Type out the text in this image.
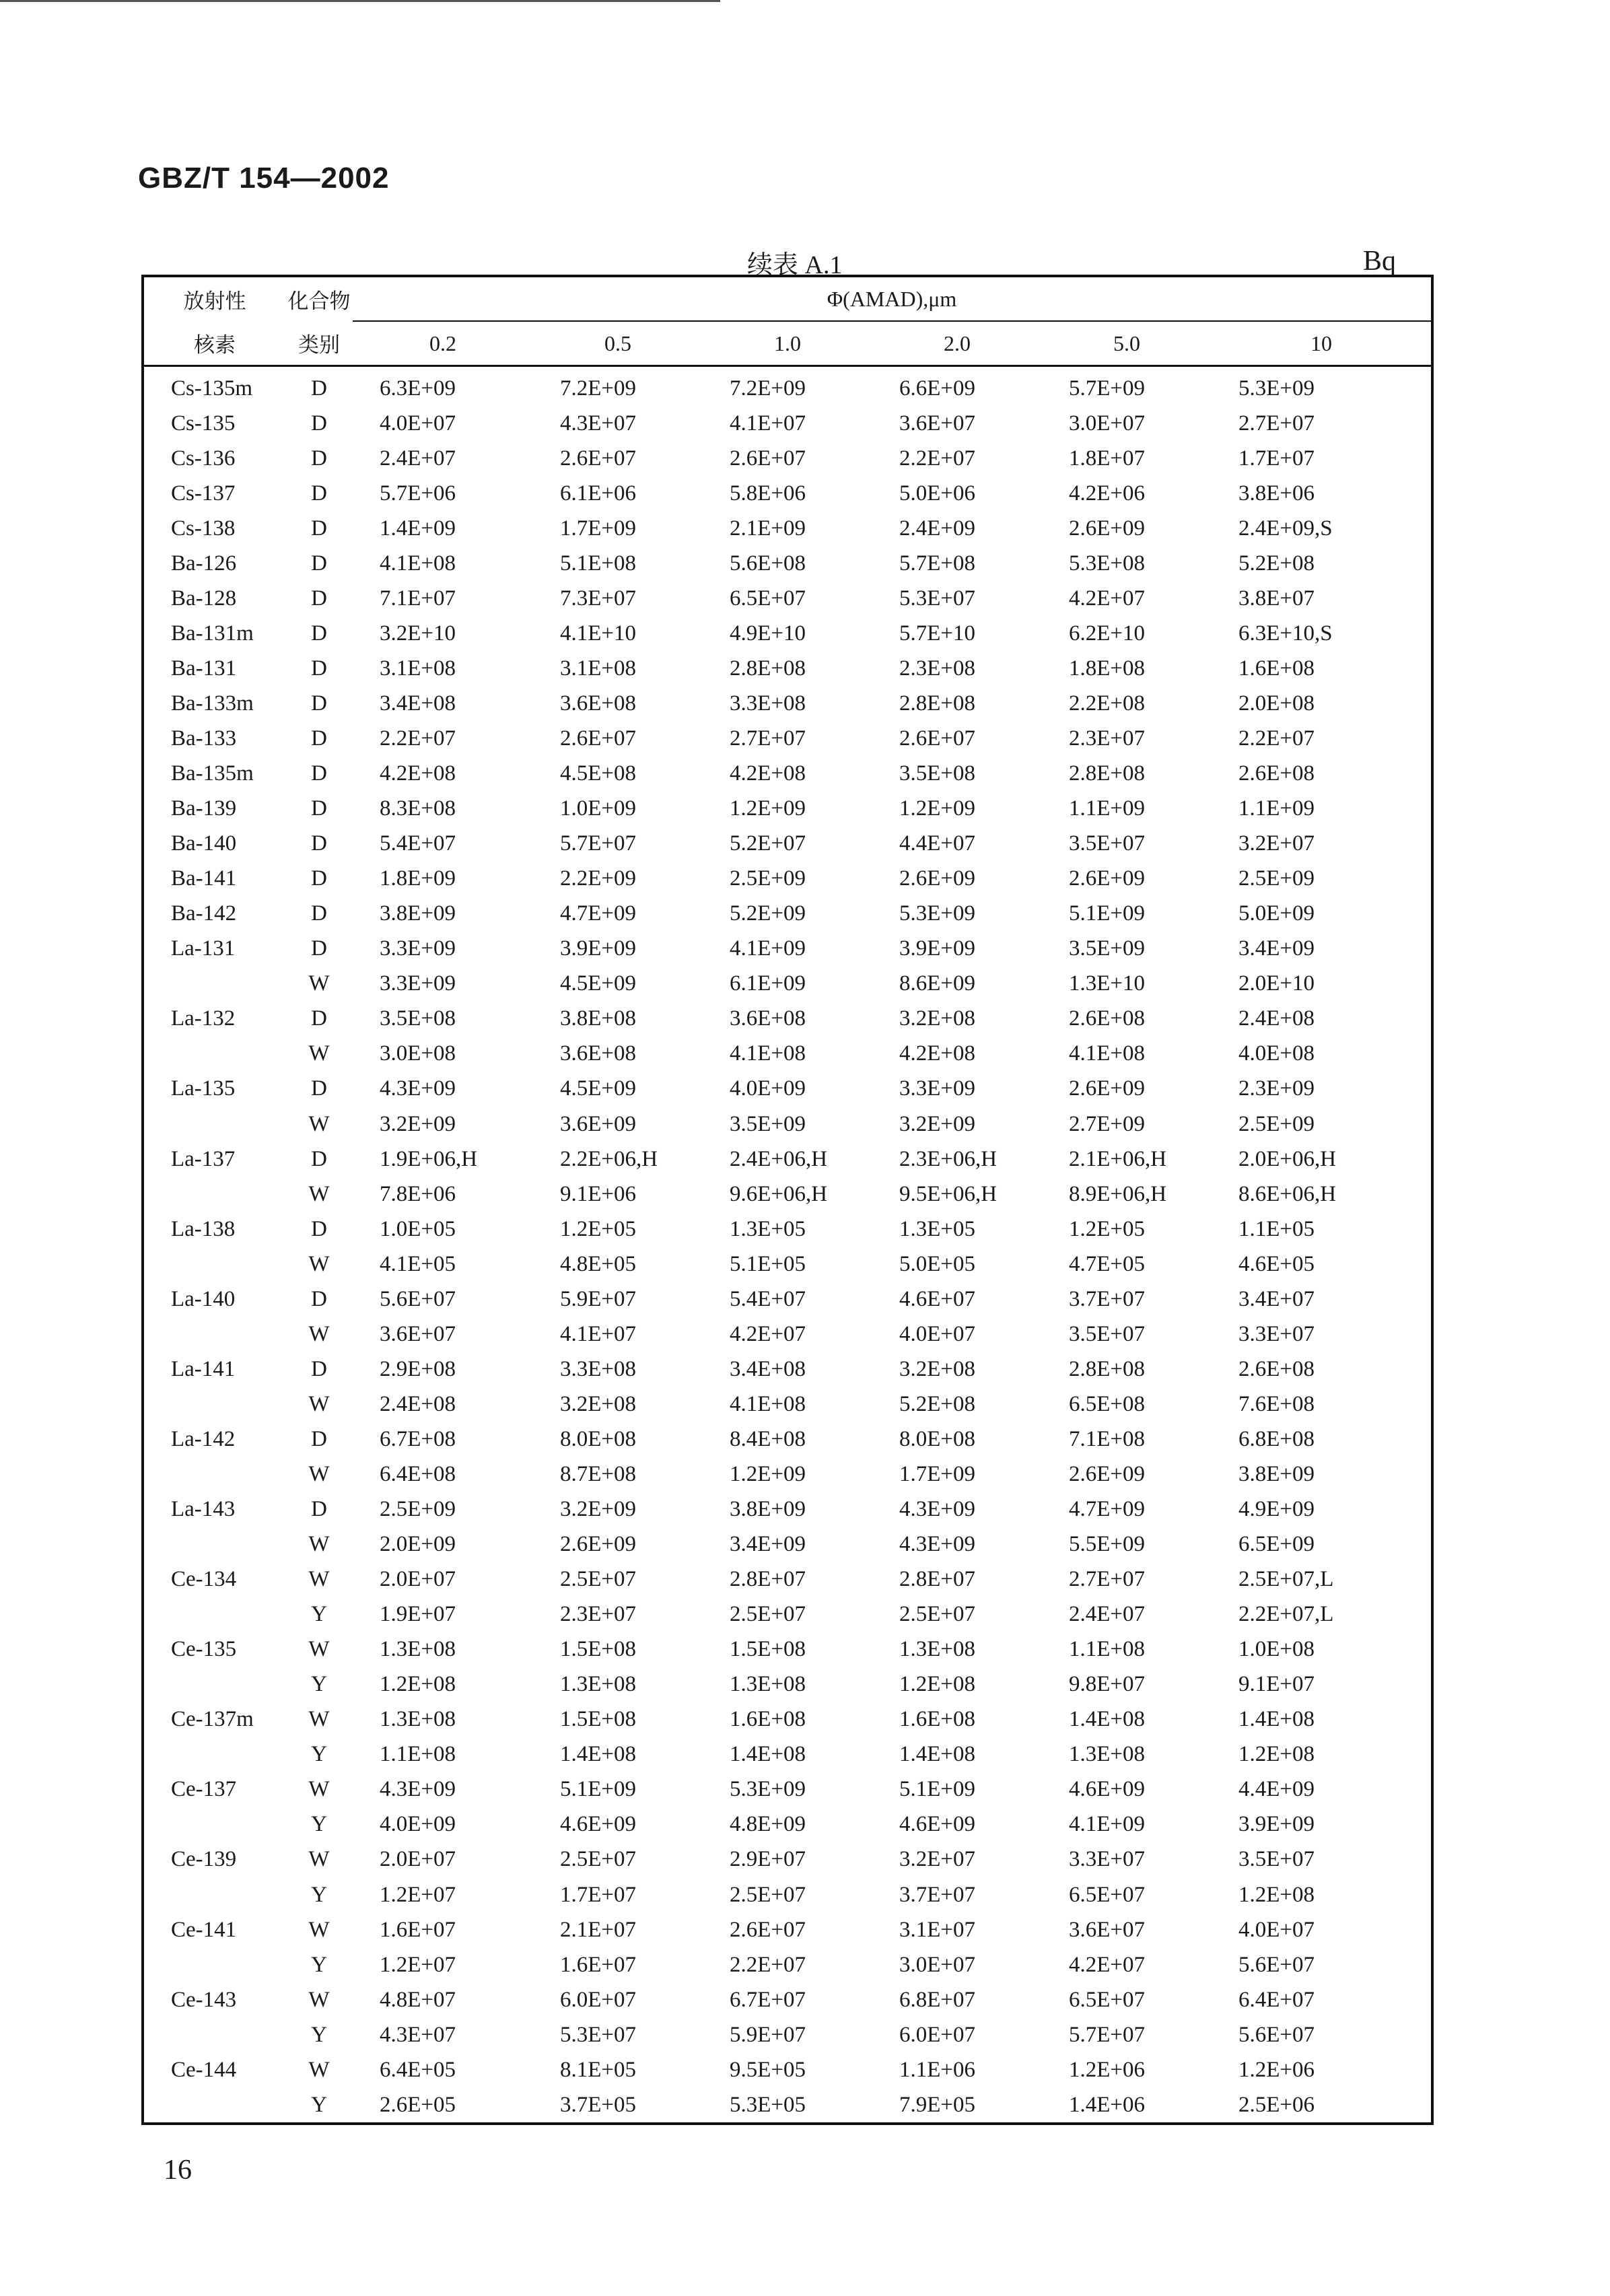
GBZ/T 154—2002
续表 A.1	Bq
放射性	化合物	Φ(AMAD),μm					
核素	类别	0.2	0.5	1.0	2.0	5.0	10
Cs-135m	D	6.3E+09	7.2E+09	7.2E+09	6.6E+09	5.7E+09	5.3E+09
Cs-135	D	4.0E+07	4.3E+07	4.1E+07	3.6E+07	3.0E+07	2.7E+07
Cs-136	D	2.4E+07	2.6E+07	2.6E+07	2.2E+07	1.8E+07	1.7E+07
Cs-137	D	5.7E+06	6.1E+06	5.8E+06	5.0E+06	4.2E+06	3.8E+06
Cs-138	D	1.4E+09	1.7E+09	2.1E+09	2.4E+09	2.6E+09	2.4E+09,S
Ba-126	D	4.1E+08	5.1E+08	5.6E+08	5.7E+08	5.3E+08	5.2E+08
Ba-128	D	7.1E+07	7.3E+07	6.5E+07	5.3E+07	4.2E+07	3.8E+07
Ba-131m	D	3.2E+10	4.1E+10	4.9E+10	5.7E+10	6.2E+10	6.3E+10,S
Ba-131	D	3.1E+08	3.1E+08	2.8E+08	2.3E+08	1.8E+08	1.6E+08
Ba-133m	D	3.4E+08	3.6E+08	3.3E+08	2.8E+08	2.2E+08	2.0E+08
Ba-133	D	2.2E+07	2.6E+07	2.7E+07	2.6E+07	2.3E+07	2.2E+07
Ba-135m	D	4.2E+08	4.5E+08	4.2E+08	3.5E+08	2.8E+08	2.6E+08
Ba-139	D	8.3E+08	1.0E+09	1.2E+09	1.2E+09	1.1E+09	1.1E+09
Ba-140	D	5.4E+07	5.7E+07	5.2E+07	4.4E+07	3.5E+07	3.2E+07
Ba-141	D	1.8E+09	2.2E+09	2.5E+09	2.6E+09	2.6E+09	2.5E+09
Ba-142	D	3.8E+09	4.7E+09	5.2E+09	5.3E+09	5.1E+09	5.0E+09
La-131	D	3.3E+09	3.9E+09	4.1E+09	3.9E+09	3.5E+09	3.4E+09
	W	3.3E+09	4.5E+09	6.1E+09	8.6E+09	1.3E+10	2.0E+10
La-132	D	3.5E+08	3.8E+08	3.6E+08	3.2E+08	2.6E+08	2.4E+08
	W	3.0E+08	3.6E+08	4.1E+08	4.2E+08	4.1E+08	4.0E+08
La-135	D	4.3E+09	4.5E+09	4.0E+09	3.3E+09	2.6E+09	2.3E+09
	W	3.2E+09	3.6E+09	3.5E+09	3.2E+09	2.7E+09	2.5E+09
La-137	D	1.9E+06,H	2.2E+06,H	2.4E+06,H	2.3E+06,H	2.1E+06,H	2.0E+06,H
	W	7.8E+06	9.1E+06	9.6E+06,H	9.5E+06,H	8.9E+06,H	8.6E+06,H
La-138	D	1.0E+05	1.2E+05	1.3E+05	1.3E+05	1.2E+05	1.1E+05
	W	4.1E+05	4.8E+05	5.1E+05	5.0E+05	4.7E+05	4.6E+05
La-140	D	5.6E+07	5.9E+07	5.4E+07	4.6E+07	3.7E+07	3.4E+07
	W	3.6E+07	4.1E+07	4.2E+07	4.0E+07	3.5E+07	3.3E+07
La-141	D	2.9E+08	3.3E+08	3.4E+08	3.2E+08	2.8E+08	2.6E+08
	W	2.4E+08	3.2E+08	4.1E+08	5.2E+08	6.5E+08	7.6E+08
La-142	D	6.7E+08	8.0E+08	8.4E+08	8.0E+08	7.1E+08	6.8E+08
	W	6.4E+08	8.7E+08	1.2E+09	1.7E+09	2.6E+09	3.8E+09
La-143	D	2.5E+09	3.2E+09	3.8E+09	4.3E+09	4.7E+09	4.9E+09
	W	2.0E+09	2.6E+09	3.4E+09	4.3E+09	5.5E+09	6.5E+09
Ce-134	W	2.0E+07	2.5E+07	2.8E+07	2.8E+07	2.7E+07	2.5E+07,L
	Y	1.9E+07	2.3E+07	2.5E+07	2.5E+07	2.4E+07	2.2E+07,L
Ce-135	W	1.3E+08	1.5E+08	1.5E+08	1.3E+08	1.1E+08	1.0E+08
	Y	1.2E+08	1.3E+08	1.3E+08	1.2E+08	9.8E+07	9.1E+07
Ce-137m	W	1.3E+08	1.5E+08	1.6E+08	1.6E+08	1.4E+08	1.4E+08
	Y	1.1E+08	1.4E+08	1.4E+08	1.4E+08	1.3E+08	1.2E+08
Ce-137	W	4.3E+09	5.1E+09	5.3E+09	5.1E+09	4.6E+09	4.4E+09
	Y	4.0E+09	4.6E+09	4.8E+09	4.6E+09	4.1E+09	3.9E+09
Ce-139	W	2.0E+07	2.5E+07	2.9E+07	3.2E+07	3.3E+07	3.5E+07
	Y	1.2E+07	1.7E+07	2.5E+07	3.7E+07	6.5E+07	1.2E+08
Ce-141	W	1.6E+07	2.1E+07	2.6E+07	3.1E+07	3.6E+07	4.0E+07
	Y	1.2E+07	1.6E+07	2.2E+07	3.0E+07	4.2E+07	5.6E+07
Ce-143	W	4.8E+07	6.0E+07	6.7E+07	6.8E+07	6.5E+07	6.4E+07
	Y	4.3E+07	5.3E+07	5.9E+07	6.0E+07	5.7E+07	5.6E+07
Ce-144	W	6.4E+05	8.1E+05	9.5E+05	1.1E+06	1.2E+06	1.2E+06
	Y	2.6E+05	3.7E+05	5.3E+05	7.9E+05	1.4E+06	2.5E+06
16
